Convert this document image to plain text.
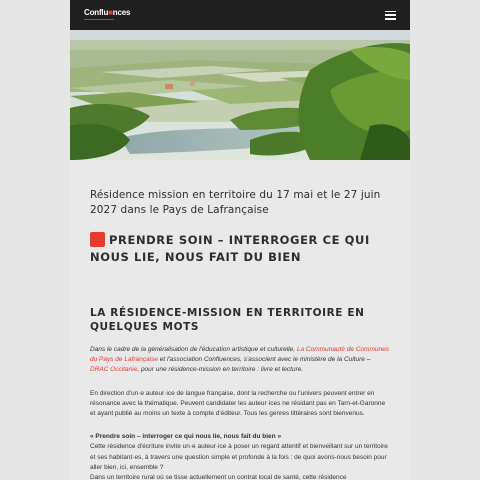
Conflu■nces
▬▬▬▬▬▬▬▬▬▬

Résidence mission en territoire du 17 mai et le 27 juin 2027 dans le Pays de Lafrançaise

PRENDRE SOIN – INTERROGER CE QUI NOUS LIE, NOUS FAIT DU BIEN
LA RÉSIDENCE-MISSION EN TERRITOIRE EN QUELQUES MOTS

Dans le cadre de la généralisation de l'éducation artistique et culturelle, La Communauté de Communes du Pays de Lafrançaise et l'association Confluences, s'associent avec le ministère de la Culture – DRAC Occitanie, pour une résidence-mission en territoire : livre et lecture.

En direction d'un·e auteur·ice de langue française, dont la recherche ou l'univers peuvent entrer en résonance avec la thématique. Peuvent candidater les auteur·ices ne résidant pas en Tarn-et-Garonne et ayant publié au moins un texte à compte d'éditeur. Tous les genres littéraires sont bienvenus.

« Prendre soin – interroger ce qui nous lie, nous fait du bien »
Cette résidence d'écriture invite un·e auteur·ice à poser un regard attentif et bienveillant sur un territoire et ses habitant·es, à travers une question simple et profonde à la fois : de quoi avons-nous besoin pour aller bien, ici, ensemble ?
Dans un territoire rural où se tisse actuellement un contrat local de santé, cette résidence
